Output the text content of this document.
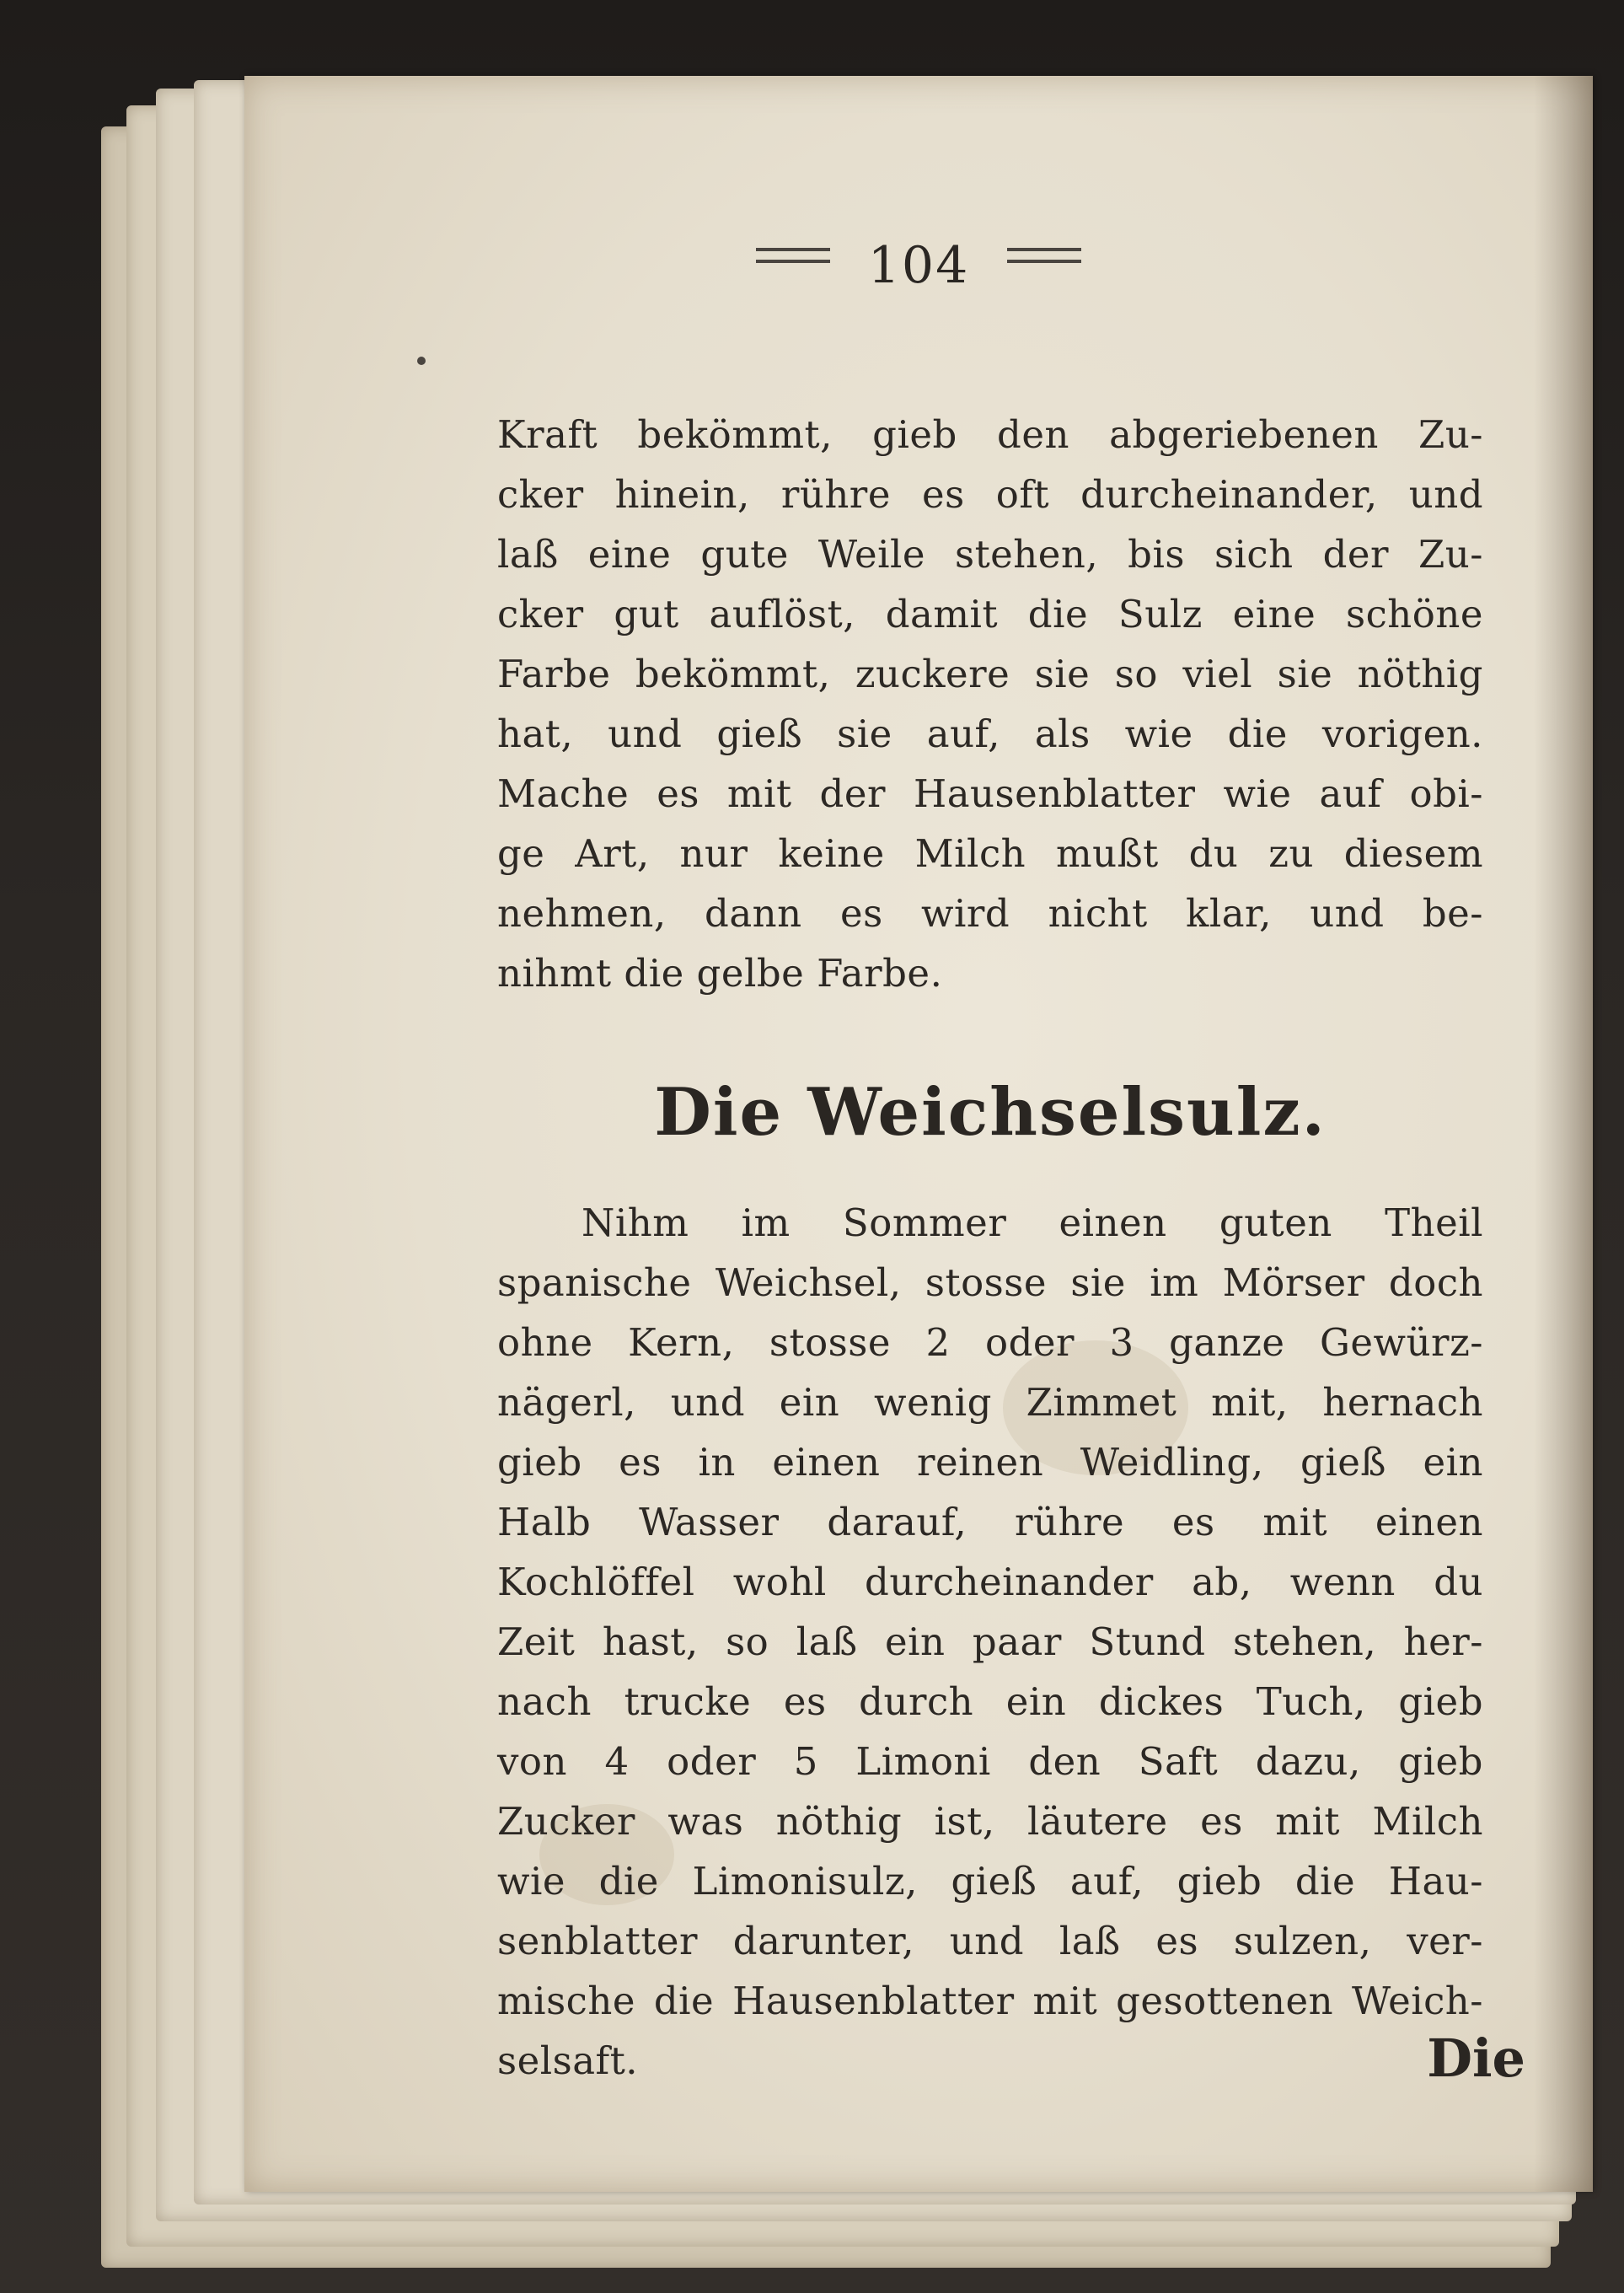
104
Kraft bekömmt, gieb den abgeriebenen Zu-
cker hinein, rühre es oft durcheinander, und
laß eine gute Weile stehen, bis sich der Zu-
cker gut auflöst, damit die Sulz eine schöne
Farbe bekömmt, zuckere sie so viel sie nöthig
hat, und gieß sie auf, als wie die vorigen.
Mache es mit der Hausenblatter wie auf obi-
ge Art, nur keine Milch mußt du zu diesem
nehmen, dann es wird nicht klar, und be-
nihmt die gelbe Farbe.
Die Weichselsulz.
Nihm im Sommer einen guten Theil
spanische Weichsel, stosse sie im Mörser doch
ohne Kern, stosse 2 oder 3 ganze Gewürz-
nägerl, und ein wenig Zimmet mit, hernach
gieb es in einen reinen Weidling, gieß ein
Halb Wasser darauf, rühre es mit einen
Kochlöffel wohl durcheinander ab, wenn du
Zeit hast, so laß ein paar Stund stehen, her-
nach trucke es durch ein dickes Tuch, gieb
von 4 oder 5 Limoni den Saft dazu, gieb
Zucker was nöthig ist, läutere es mit Milch
wie die Limonisulz, gieß auf, gieb die Hau-
senblatter darunter, und laß es sulzen, ver-
mische die Hausenblatter mit gesottenen Weich-
selsaft.	Die
